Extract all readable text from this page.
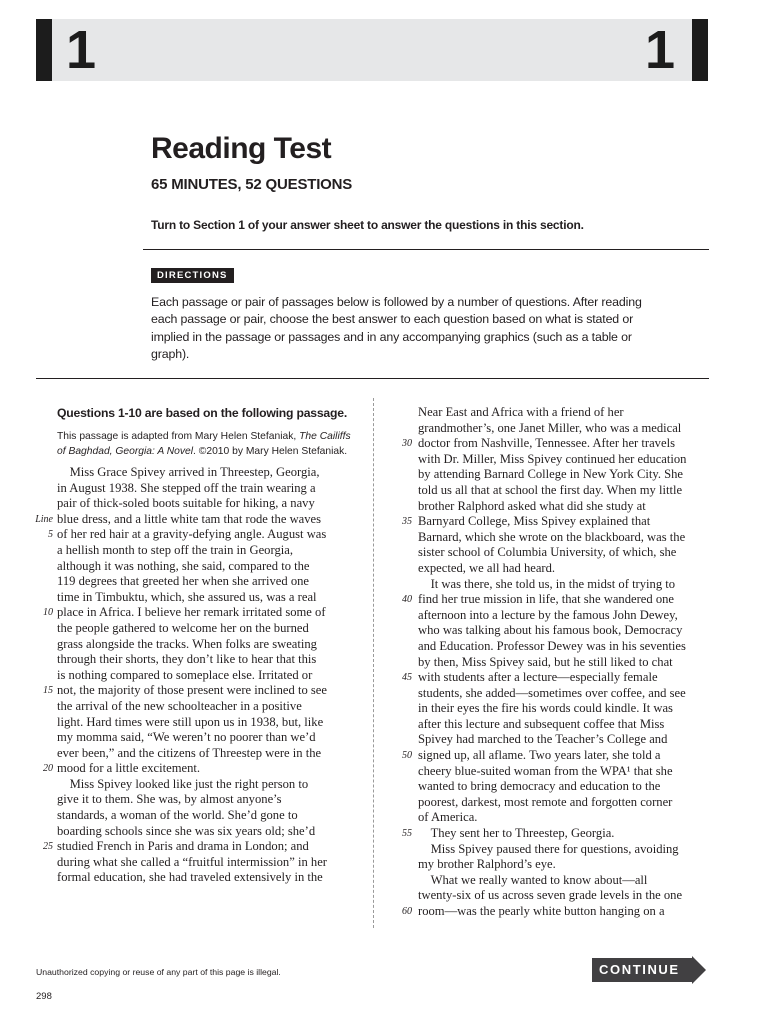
1	1
Reading Test
65 MINUTES, 52 QUESTIONS

Turn to Section 1 of your answer sheet to answer the questions in this section.

DIRECTIONS

Each passage or pair of passages below is followed by a number of questions. After reading each passage or pair, choose the best answer to each question based on what is stated or implied in the passage or passages and in any accompanying graphics (such as a table or graph).

Questions 1-10 are based on the following passage.

This passage is adapted from Mary Helen Stefaniak, The Cailiffs of Baghdad, Georgia: A Novel. ©2010 by Mary Helen Stefaniak.

 Miss Grace Spivey arrived in Threestep, Georgia,
in August 1938. She stepped off the train wearing a
pair of thick-soled boots suitable for hiking, a navy
Line blue dress, and a little white tam that rode the waves
5 of her red hair at a gravity-defying angle. August was
a hellish month to step off the train in Georgia,
although it was nothing, she said, compared to the
119 degrees that greeted her when she arrived one
time in Timbuktu, which, she assured us, was a real
10 place in Africa. I believe her remark irritated some of
the people gathered to welcome her on the burned
grass alongside the tracks. When folks are sweating
through their shorts, they don’t like to hear that this
is nothing compared to someplace else. Irritated or
15 not, the majority of those present were inclined to see
the arrival of the new schoolteacher in a positive
light. Hard times were still upon us in 1938, but, like
my momma said, “We weren’t no poorer than we’d
ever been,” and the citizens of Threestep were in the
20 mood for a little excitement.
 Miss Spivey looked like just the right person to
give it to them. She was, by almost anyone’s
standards, a woman of the world. She’d gone to
boarding schools since she was six years old; she’d
25 studied French in Paris and drama in London; and
during what she called a “fruitful intermission” in her
formal education, she had traveled extensively in the
Near East and Africa with a friend of her
grandmother’s, one Janet Miller, who was a medical
30 doctor from Nashville, Tennessee. After her travels
with Dr. Miller, Miss Spivey continued her education
by attending Barnard College in New York City. She
told us all that at school the first day. When my little
brother Ralphord asked what did she study at
35 Barnyard College, Miss Spivey explained that
Barnard, which she wrote on the blackboard, was the
sister school of Columbia University, of which, she
expected, we all had heard.
 It was there, she told us, in the midst of trying to
40 find her true mission in life, that she wandered one
afternoon into a lecture by the famous John Dewey,
who was talking about his famous book, Democracy
and Education. Professor Dewey was in his seventies
by then, Miss Spivey said, but he still liked to chat
45 with students after a lecture—especially female
students, she added—sometimes over coffee, and see
in their eyes the fire his words could kindle. It was
after this lecture and subsequent coffee that Miss
Spivey had marched to the Teacher’s College and
50 signed up, all aflame. Two years later, she told a
cheery blue-suited woman from the WPA¹ that she
wanted to bring democracy and education to the
poorest, darkest, most remote and forgotten corner
of America.
55  They sent her to Threestep, Georgia.
 Miss Spivey paused there for questions, avoiding
my brother Ralphord’s eye.
 What we really wanted to know about—all
twenty-six of us across seven grade levels in the one
60 room—was the pearly white button hanging on a

Unauthorized copying or reuse of any part of this page is illegal.

298

CONTINUE
